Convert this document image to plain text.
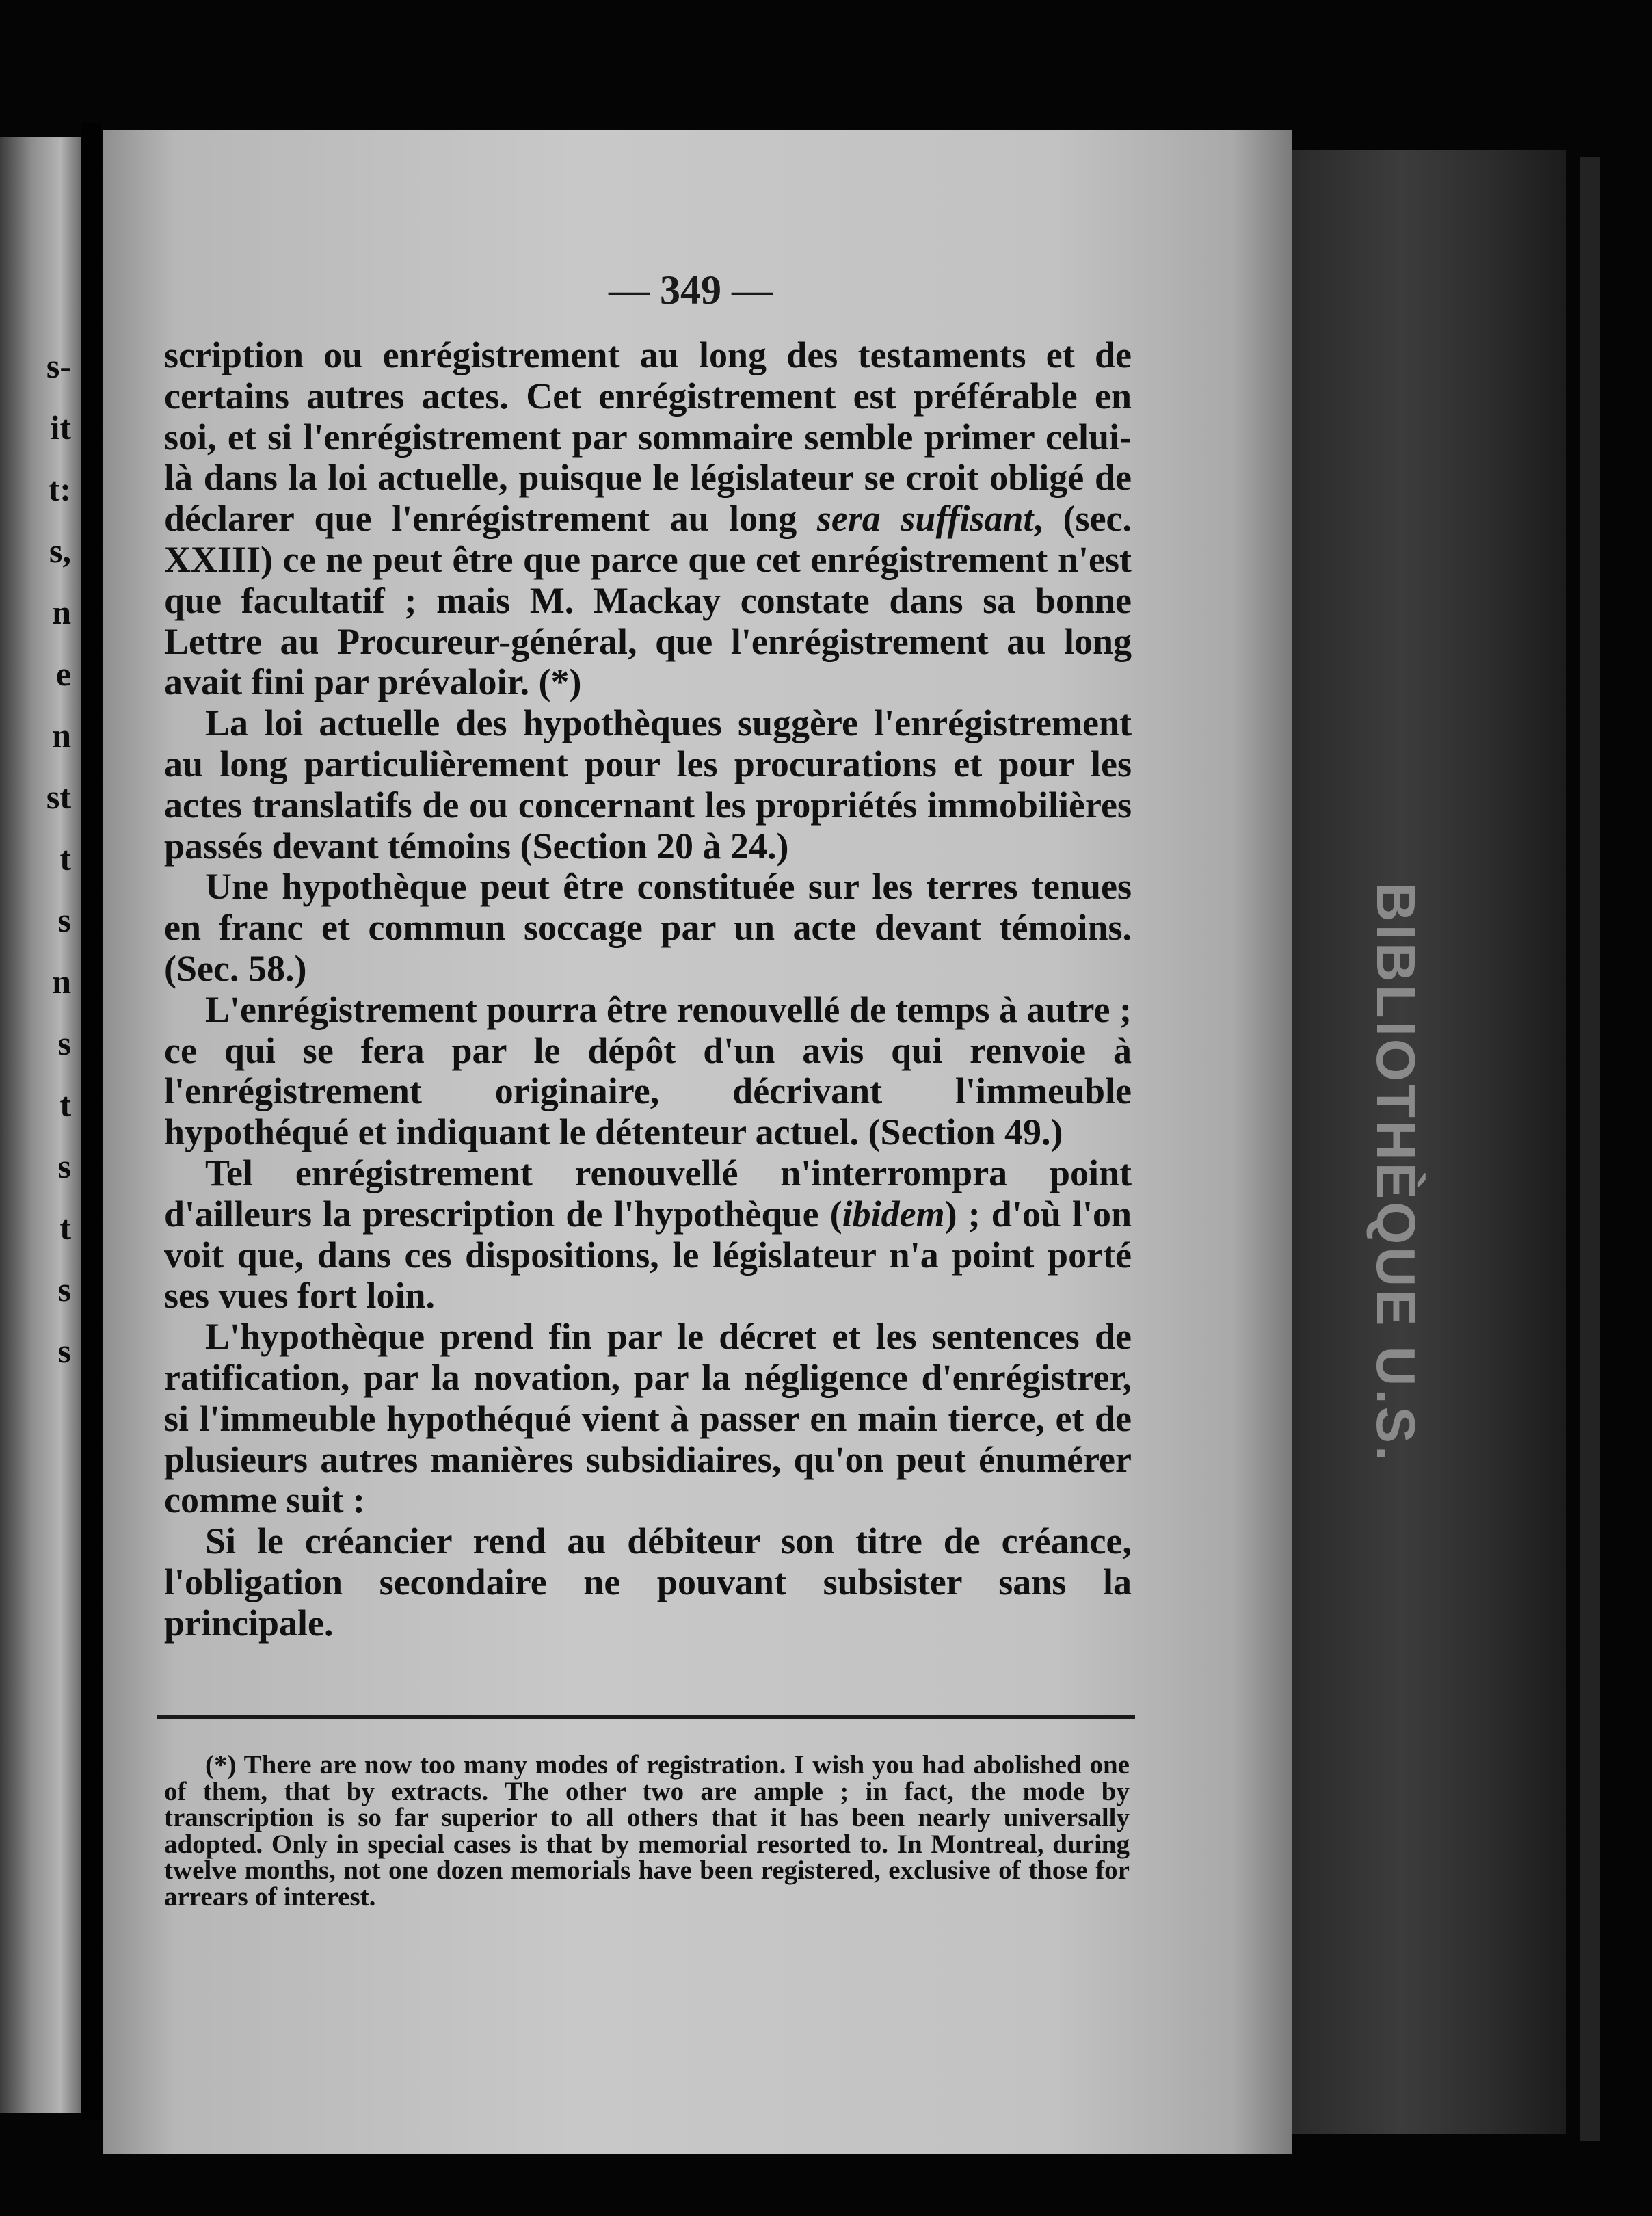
s-
it
t:
s,
n
e
n
st
t
s
n
s
t
s
t
s
s
— 349 —

scription ou enrégistrement au long des testaments et de certains autres actes. Cet enrégistrement est préférable en soi, et si l'enrégistrement par sommaire semble primer celui-là dans la loi actuelle, puisque le législateur se croit obligé de déclarer que l'enrégistrement au long sera suffisant, (sec. XXIII) ce ne peut être que parce que cet enrégistrement n'est que facultatif ; mais M. Mackay constate dans sa bonne Lettre au Procureur-général, que l'enrégistrement au long avait fini par prévaloir. (*)

La loi actuelle des hypothèques suggère l'enrégistrement au long particulièrement pour les procurations et pour les actes translatifs de ou concernant les propriétés immobilières passés devant témoins (Section 20 à 24.)

Une hypothèque peut être constituée sur les terres tenues en franc et commun soccage par un acte devant témoins. (Sec. 58.)

L'enrégistrement pourra être renouvellé de temps à autre ; ce qui se fera par le dépôt d'un avis qui renvoie à l'enrégistrement originaire, décrivant l'immeuble hypothéqué et indiquant le détenteur actuel. (Section 49.)

Tel enrégistrement renouvellé n'interrompra point d'ailleurs la prescription de l'hypothèque (ibidem) ; d'où l'on voit que, dans ces dispositions, le législateur n'a point porté ses vues fort loin.

L'hypothèque prend fin par le décret et les sentences de ratification, par la novation, par la négligence d'enrégistrer, si l'immeuble hypothéqué vient à passer en main tierce, et de plusieurs autres manières subsidiaires, qu'on peut énumérer comme suit :

Si le créancier rend au débiteur son titre de créance, l'obligation secondaire ne pouvant subsister sans la principale.

(*) There are now too many modes of registration. I wish you had abolished one of them, that by extracts. The other two are ample ; in fact, the mode by transcription is so far superior to all others that it has been nearly universally adopted. Only in special cases is that by memorial resorted to. In Montreal, during twelve months, not one dozen memorials have been registered, exclusive of those for arrears of interest.
BIBLIOTHÈQUE U.S.
